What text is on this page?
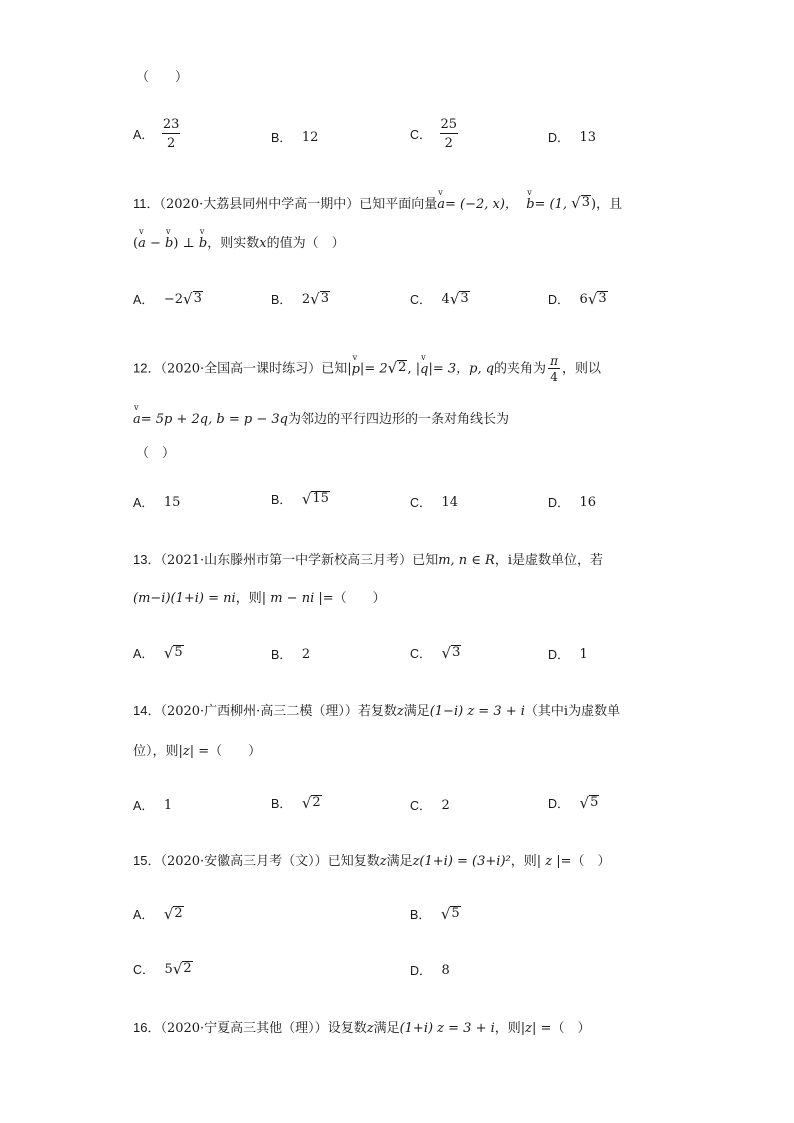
（　　）
A． $\frac{23}{2}$	B． 12	C． $\frac{25}{2}$	D． 13
11．（2020·大荔县同州中学高一期中）已知平面向量v a= (−2, x)，  v b= (1, √ 3 )，且
(v a − v b) ⊥ v b，则实数x的值为（　）
A． −2 √ 3	B． 2 √ 3	C． 4 √ 3	D． 6 √ 3
12．（2020·全国高一课时练习）已知|v p|= 2 √ 2 , |v q|= 3，p, q的夹角为 $\frac{\pi}{4}$ ，则以
v a= 5p + 2q, b = p − 3q为邻边的平行四边形的一条对角线长为
（　）
A． 15	B． √ 15	C． 14	D． 16
13．（2021·山东滕州市第一中学新校高三月考）已知m, n ∈ R，i是虚数单位，若
(m−i)(1+i) = ni，则| m − ni |=（　　）
A． √ 5	B． 2	C． √ 3	D． 1
14．（2020·广西柳州·高三二模（理））若复数z满足(1−i) z = 3 + i（其中i为虚数单
位），则|z| =（　　）
A． 1	B． √ 2	C． 2	D． √ 5
15．（2020·安徽高三月考（文））已知复数z满足z(1+i) = (3+i)²，则| z |=（　）
A． √ 2	B． √ 5
C． 5 √ 2	D． 8
16．（2020·宁夏高三其他（理））设复数z满足(1+i) z = 3 + i，则|z| =（　）
